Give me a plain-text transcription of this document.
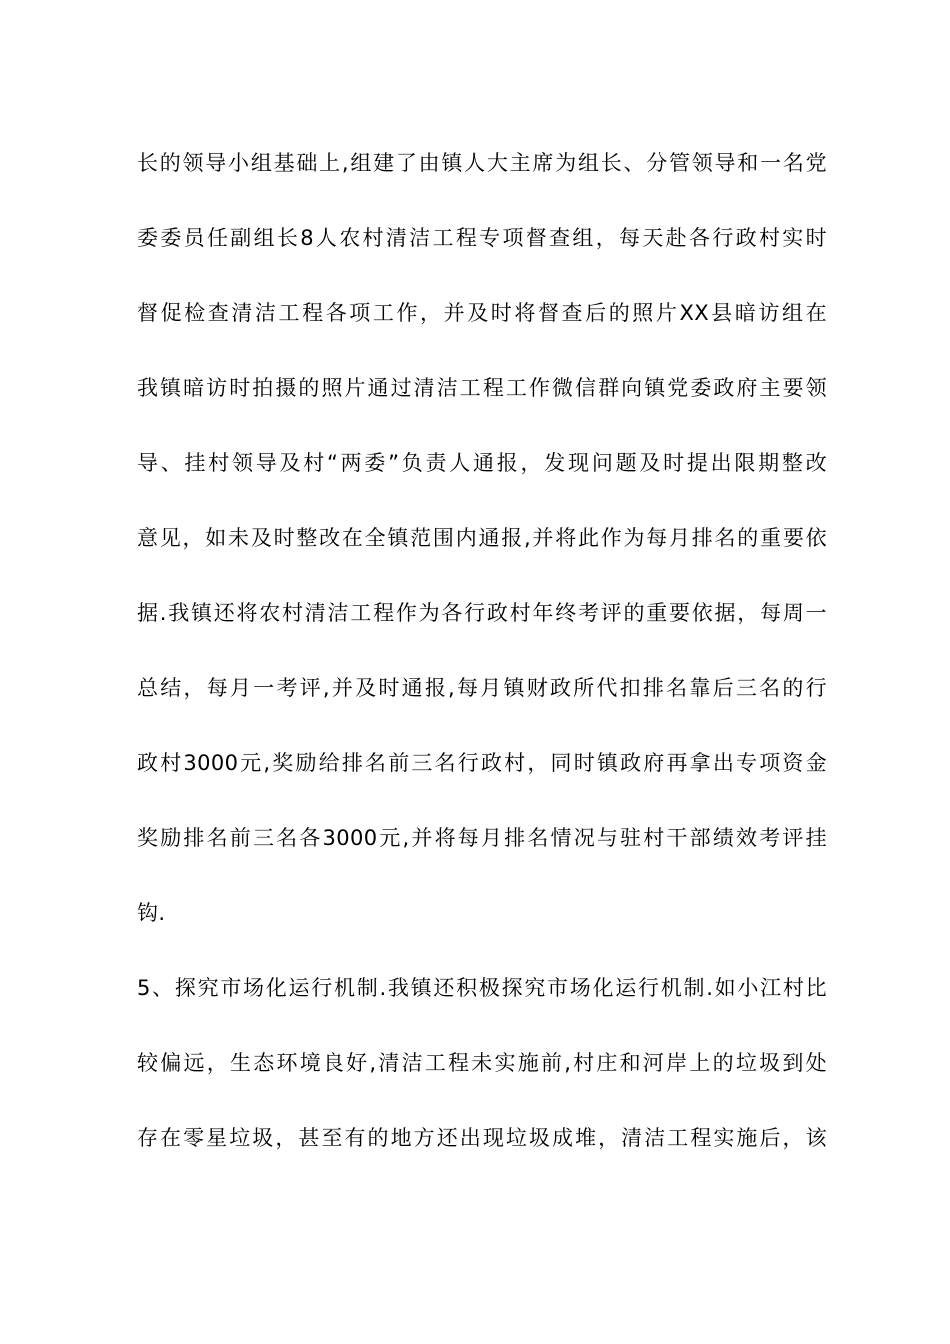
长的领导小组基础上,组建了由镇人大主席为组长、分管领导和一名党
委委员任副组长8人农村清洁工程专项督查组，每天赴各行政村实时
督促检查清洁工程各项工作，并及时将督查后的照片XX县暗访组在
我镇暗访时拍摄的照片通过清洁工程工作微信群向镇党委政府主要领
导、挂村领导及村“两委”负责人通报，发现问题及时提出限期整改
意见，如未及时整改在全镇范围内通报,并将此作为每月排名的重要依
据.我镇还将农村清洁工程作为各行政村年终考评的重要依据，每周一
总结，每月一考评,并及时通报,每月镇财政所代扣排名靠后三名的行
政村3000元,奖励给排名前三名行政村，同时镇政府再拿出专项资金
奖励排名前三名各3000元,并将每月排名情况与驻村干部绩效考评挂
钩.
5、探究市场化运行机制.我镇还积极探究市场化运行机制.如小江村比
较偏远，生态环境良好,清洁工程未实施前,村庄和河岸上的垃圾到处
存在零星垃圾，甚至有的地方还出现垃圾成堆，清洁工程实施后，该
